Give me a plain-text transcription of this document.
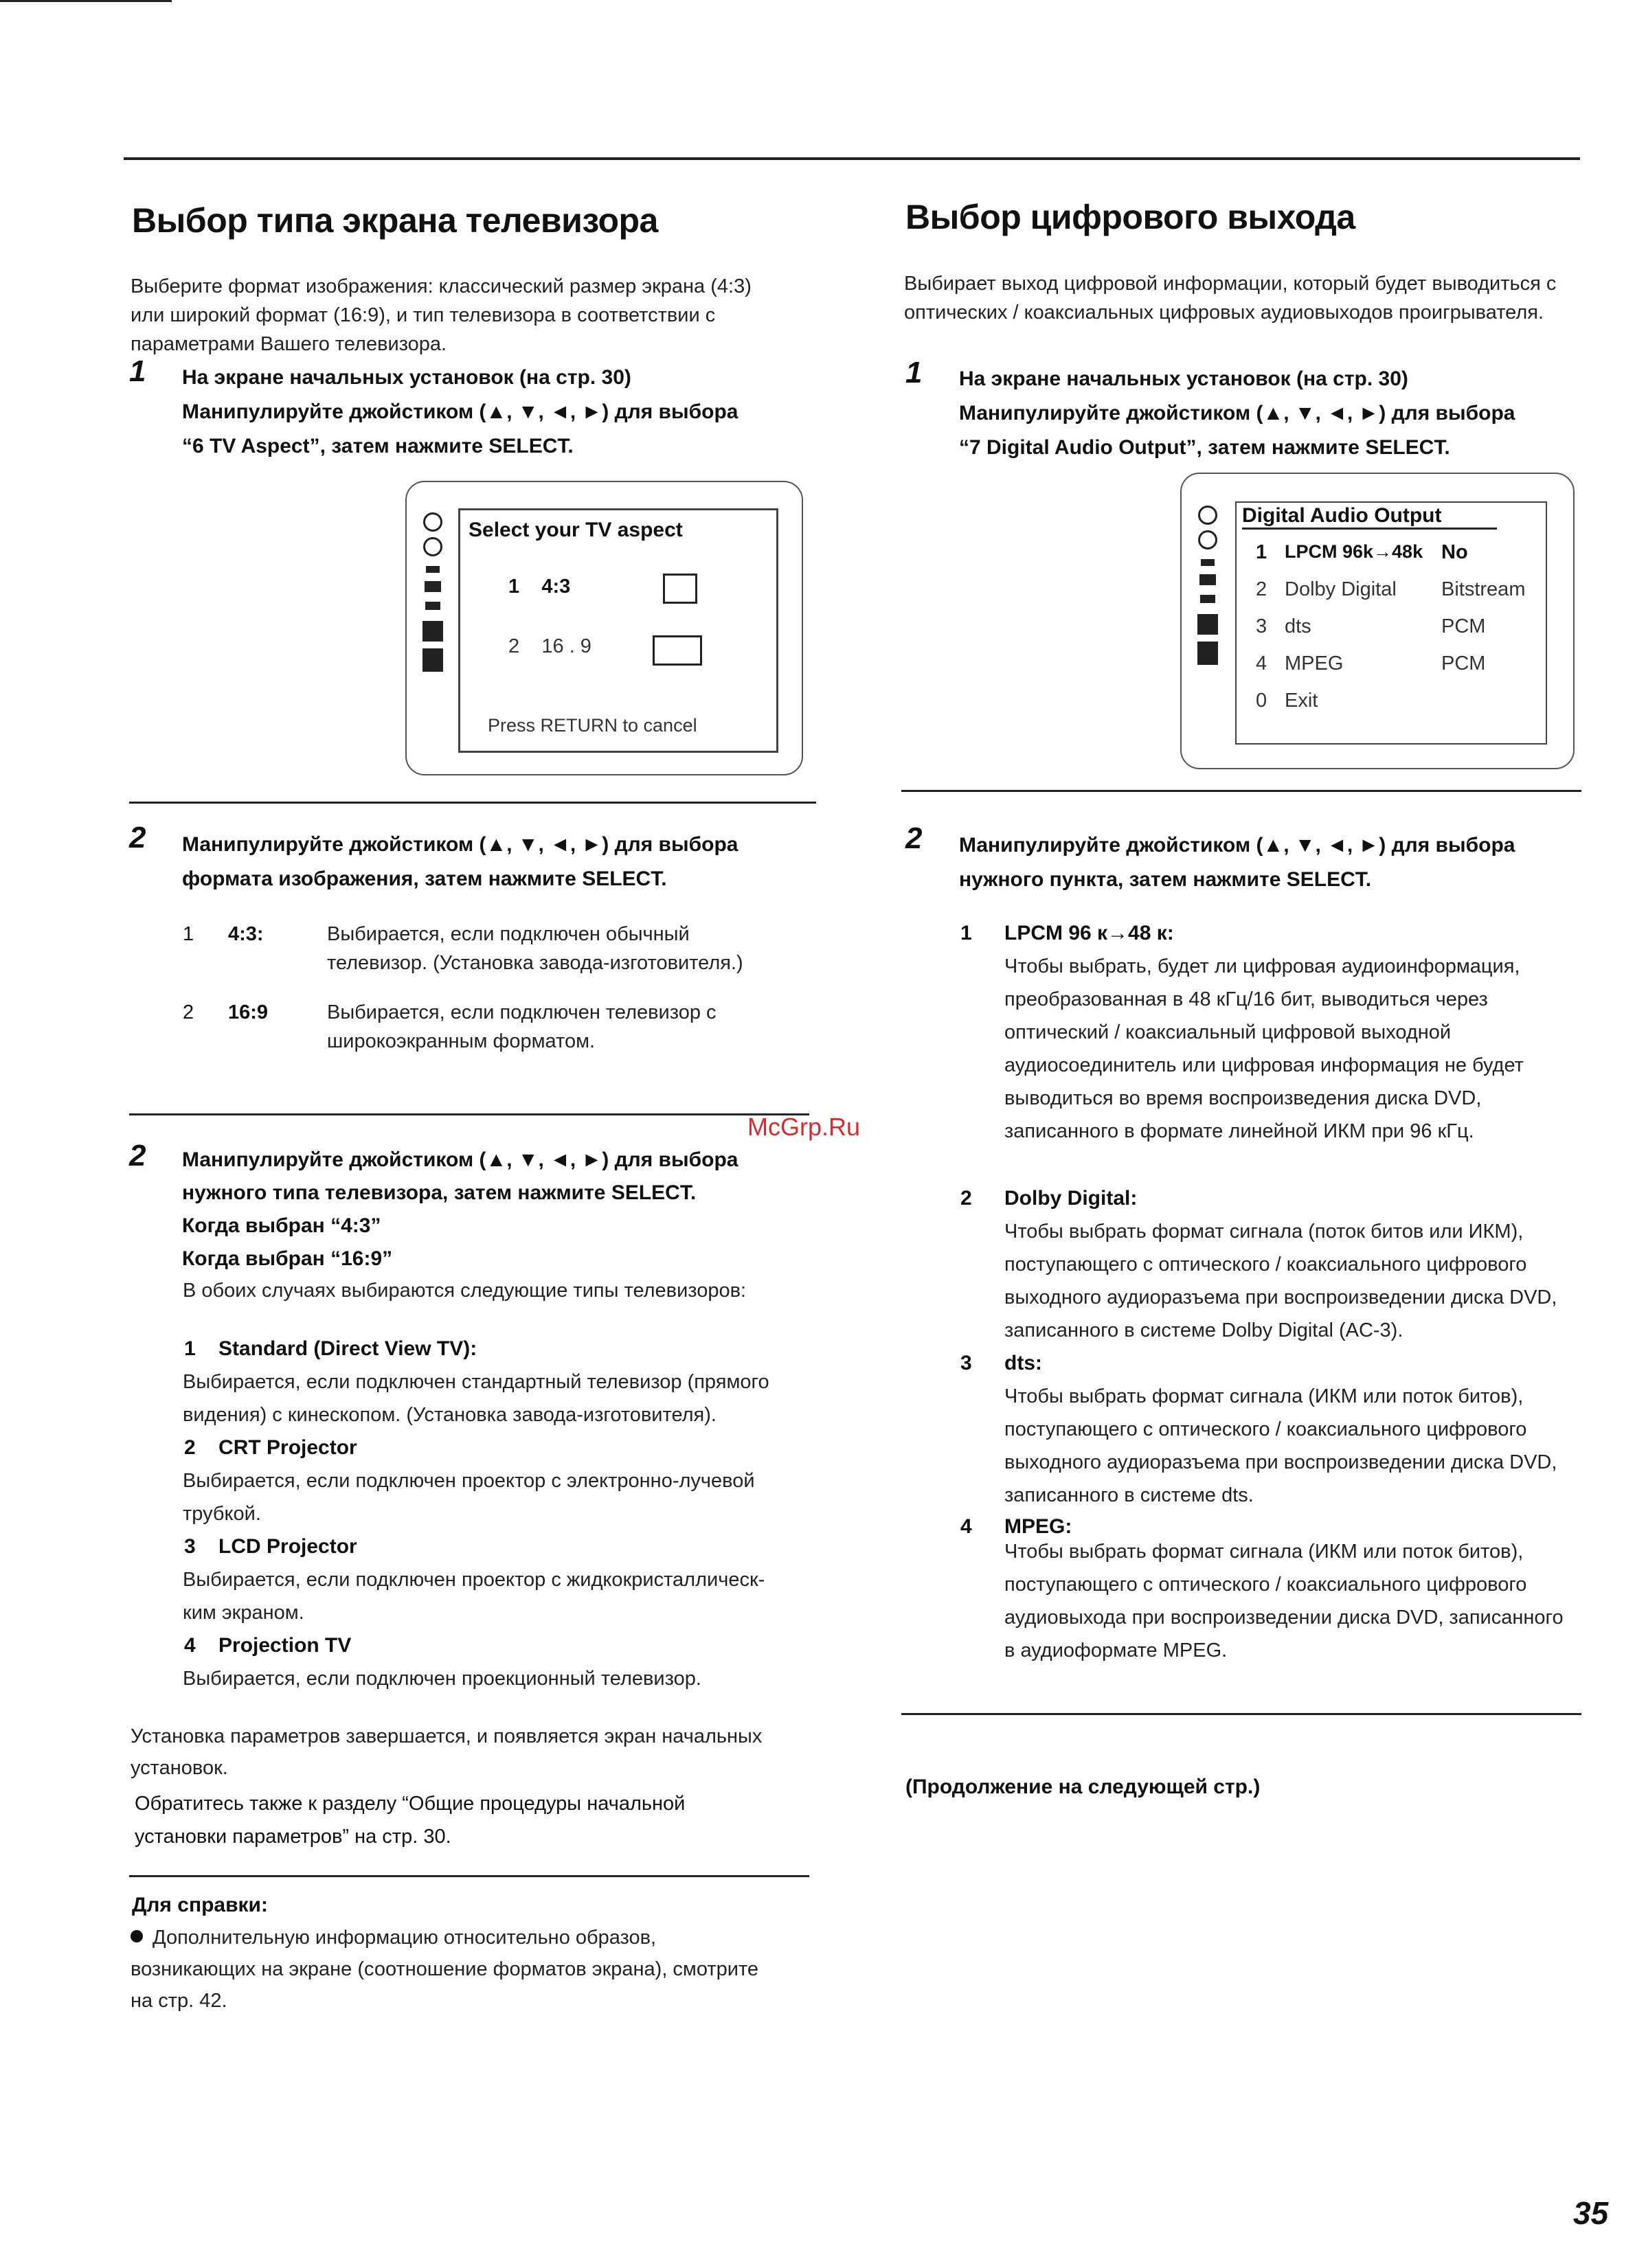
Выбор типа экрана телевизора
Выберите формат изображения: классический размер экрана (4:3)
или широкий формат (16:9), и тип телевизора в соответствии с
параметрами Вашего телевизора.
1 На экране начальных установок (на стр. 30)
Манипулируйте джойстиком (▲, ▼, ◄, ►) для выбора
“6 TV Aspect”, затем нажмите SELECT.
Select your TV aspect
1 4:3
2 16 . 9
Press RETURN to cancel
2 Манипулируйте джойстиком (▲, ▼, ◄, ►) для выбора
формата изображения, затем нажмите SELECT.
1 4:3:	Выбирается, если подключен обычный
телевизор. (Установка завода-изготовителя.)
2 16:9	Выбирается, если подключен телевизор с
широкоэкранным форматом.
2 Манипулируйте джойстиком (▲, ▼, ◄, ►) для выбора
нужного типа телевизора, затем нажмите SELECT.
Когда выбран “4:3”
Когда выбран “16:9”
В обоих случаях выбираются следующие типы телевизоров:
1    Standard (Direct View TV):
Выбирается, если подключен стандартный телевизор (прямого
видения) с кинескопом. (Установка завода-изготовителя).
2    CRT Projector
Выбирается, если подключен проектор с электронно-лучевой
трубкой.
3    LCD Projector
Выбирается, если подключен проектор с жидкокристаллическ-
ким экраном.
4    Projection TV
Выбирается, если подключен проекционный телевизор.
Установка параметров завершается, и появляется экран начальных
установок.
Обратитесь также к разделу “Общие процедуры начальной
установки параметров” на стр. 30.
Для справки:
Дополнительную информацию относительно образов,
возникающих на экране (соотношение форматов экрана), смотрите
на стр. 42.
Выбор цифрового выхода
Выбирает выход цифровой информации, который будет выводиться с
оптических / коаксиальных цифровых аудиовыходов проигрывателя.
1 На экране начальных установок (на стр. 30)
Манипулируйте джойстиком (▲, ▼, ◄, ►) для выбора
“7 Digital Audio Output”, затем нажмите SELECT.
Digital Audio Output
1 LPCM 96k→48k No
2 Dolby Digital Bitstream
3 dts	PCM
4 MPEG	PCM
0 Exit
2 Манипулируйте джойстиком (▲, ▼, ◄, ►) для выбора
нужного пункта, затем нажмите SELECT.
1 LPCM 96 к→48 к:
Чтобы выбрать, будет ли цифровая аудиоинформация,
преобразованная в 48 кГц/16 бит, выводиться через
оптический / коаксиальный цифровой выходной
аудиосоединитель или цифровая информация не будет
выводиться во время воспроизведения диска DVD,
записанного в формате линейной ИКМ при 96 кГц.
2 Dolby Digital:
Чтобы выбрать формат сигнала (поток битов или ИКМ),
поступающего с оптического / коаксиального цифрового
выходного аудиоразъема при воспроизведении диска DVD,
записанного в системе Dolby Digital (AC-3).
3 dts:
Чтобы выбрать формат сигнала (ИКМ или поток битов),
поступающего с оптического / коаксиального цифрового
выходного аудиоразъема при воспроизведении диска DVD,
записанного в системе dts.
4 MPEG:
Чтобы выбрать формат сигнала (ИКМ или поток битов),
поступающего с оптического / коаксиального цифрового
аудиовыхода при воспроизведении диска DVD, записанного
в аудиоформате MPEG.
(Продолжение на следующей стр.)
McGrp.Ru
35
